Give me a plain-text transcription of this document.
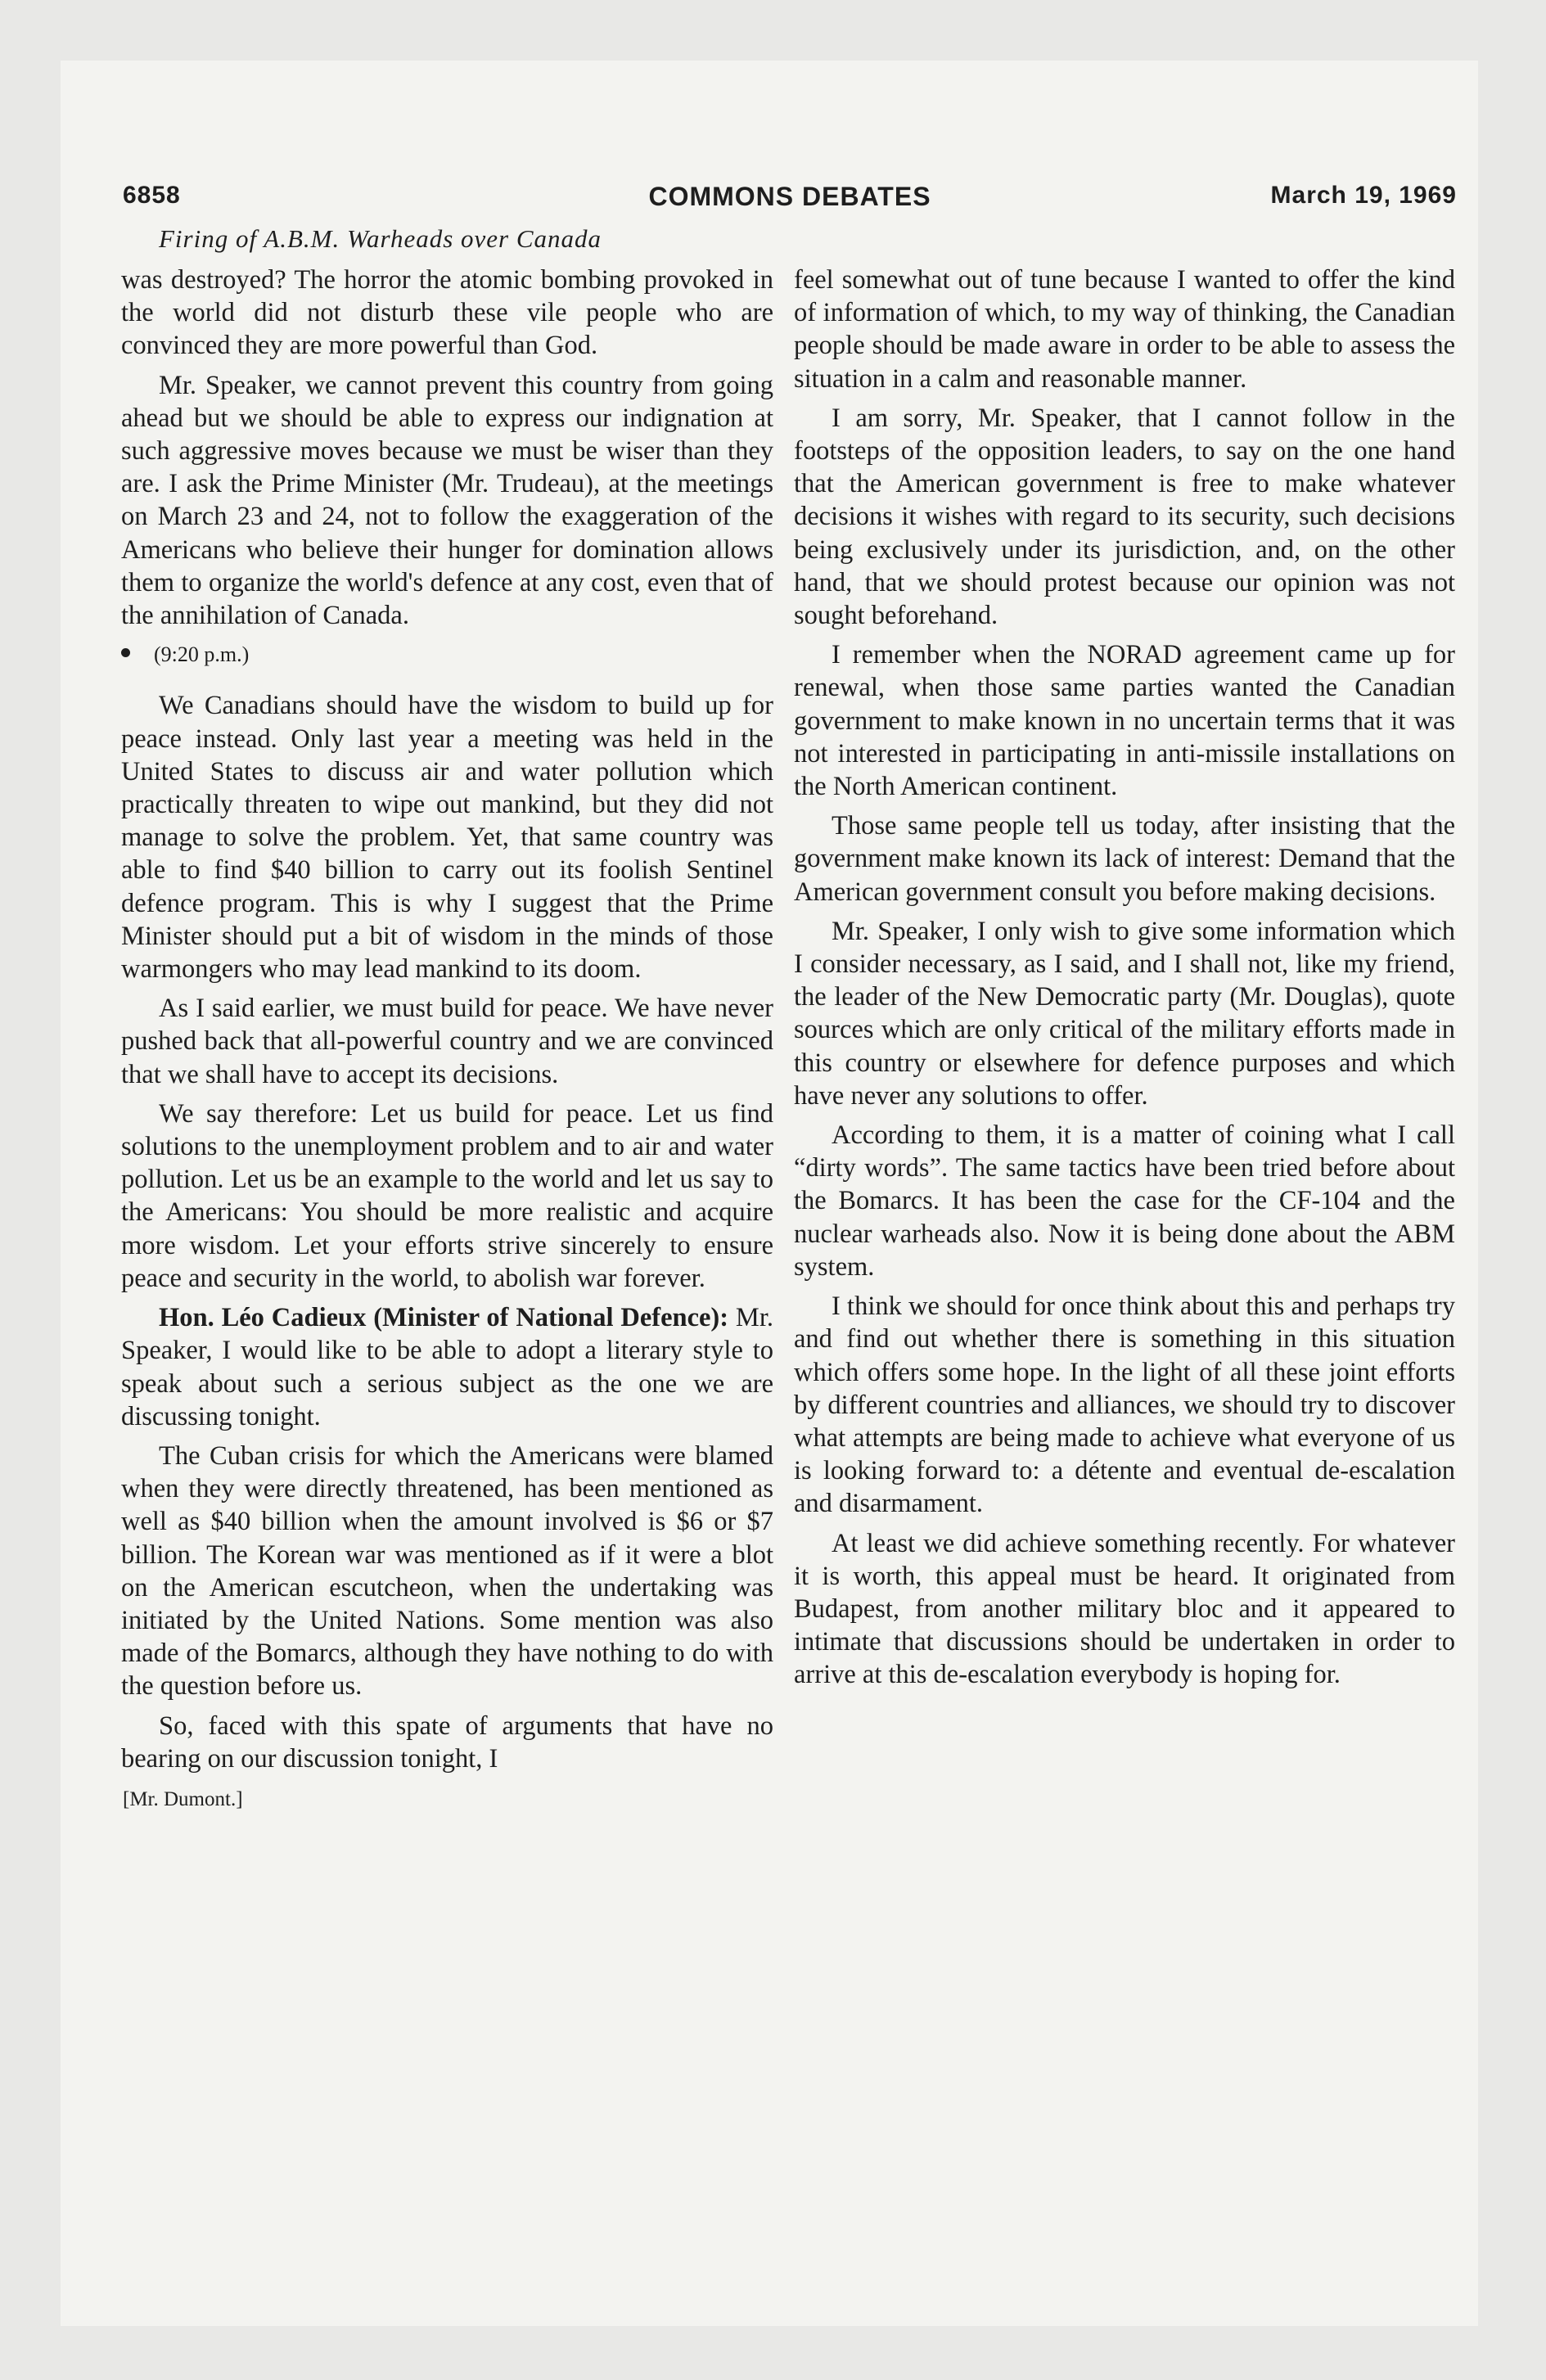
6858	COMMONS DEBATES	March 19, 1969
Firing of A.B.M. Warheads over Canada

was destroyed? The horror the atomic bombing provoked in the world did not disturb these vile people who are convinced they are more powerful than God.

Mr. Speaker, we cannot prevent this country from going ahead but we should be able to express our indignation at such aggressive moves because we must be wiser than they are. I ask the Prime Minister (Mr. Trudeau), at the meetings on March 23 and 24, not to follow the exaggeration of the Americans who believe their hunger for domination allows them to organize the world's defence at any cost, even that of the annihilation of Canada.

(9:20 p.m.)

We Canadians should have the wisdom to build up for peace instead. Only last year a meeting was held in the United States to discuss air and water pollution which practically threaten to wipe out mankind, but they did not manage to solve the problem. Yet, that same country was able to find $40 billion to carry out its foolish Sentinel defence program. This is why I suggest that the Prime Minister should put a bit of wisdom in the minds of those warmongers who may lead mankind to its doom.

As I said earlier, we must build for peace. We have never pushed back that all-powerful country and we are convinced that we shall have to accept its decisions.

We say therefore: Let us build for peace. Let us find solutions to the unemployment problem and to air and water pollution. Let us be an example to the world and let us say to the Americans: You should be more realistic and acquire more wisdom. Let your efforts strive sincerely to ensure peace and security in the world, to abolish war forever.

Hon. Léo Cadieux (Minister of National Defence): Mr. Speaker, I would like to be able to adopt a literary style to speak about such a serious subject as the one we are discussing tonight.

The Cuban crisis for which the Americans were blamed when they were directly threatened, has been mentioned as well as $40 billion when the amount involved is $6 or $7 billion. The Korean war was mentioned as if it were a blot on the American escutcheon, when the undertaking was initiated by the United Nations. Some mention was also made of the Bomarcs, although they have nothing to do with the question before us.

So, faced with this spate of arguments that have no bearing on our discussion tonight, I

[Mr. Dumont.]

feel somewhat out of tune because I wanted to offer the kind of information of which, to my way of thinking, the Canadian people should be made aware in order to be able to assess the situation in a calm and reasonable manner.

I am sorry, Mr. Speaker, that I cannot follow in the footsteps of the opposition leaders, to say on the one hand that the American government is free to make whatever decisions it wishes with regard to its security, such decisions being exclusively under its jurisdiction, and, on the other hand, that we should protest because our opinion was not sought beforehand.

I remember when the NORAD agreement came up for renewal, when those same parties wanted the Canadian government to make known in no uncertain terms that it was not interested in participating in anti-missile installations on the North American continent.

Those same people tell us today, after insisting that the government make known its lack of interest: Demand that the American government consult you before making decisions.

Mr. Speaker, I only wish to give some information which I consider necessary, as I said, and I shall not, like my friend, the leader of the New Democratic party (Mr. Douglas), quote sources which are only critical of the military efforts made in this country or elsewhere for defence purposes and which have never any solutions to offer.

According to them, it is a matter of coining what I call “dirty words”. The same tactics have been tried before about the Bomarcs. It has been the case for the CF-104 and the nuclear warheads also. Now it is being done about the ABM system.

I think we should for once think about this and perhaps try and find out whether there is something in this situation which offers some hope. In the light of all these joint efforts by different countries and alliances, we should try to discover what attempts are being made to achieve what everyone of us is looking forward to: a détente and eventual de-escalation and disarmament.

At least we did achieve something recently. For whatever it is worth, this appeal must be heard. It originated from Budapest, from another military bloc and it appeared to intimate that discussions should be undertaken in order to arrive at this de-escalation everybody is hoping for.
